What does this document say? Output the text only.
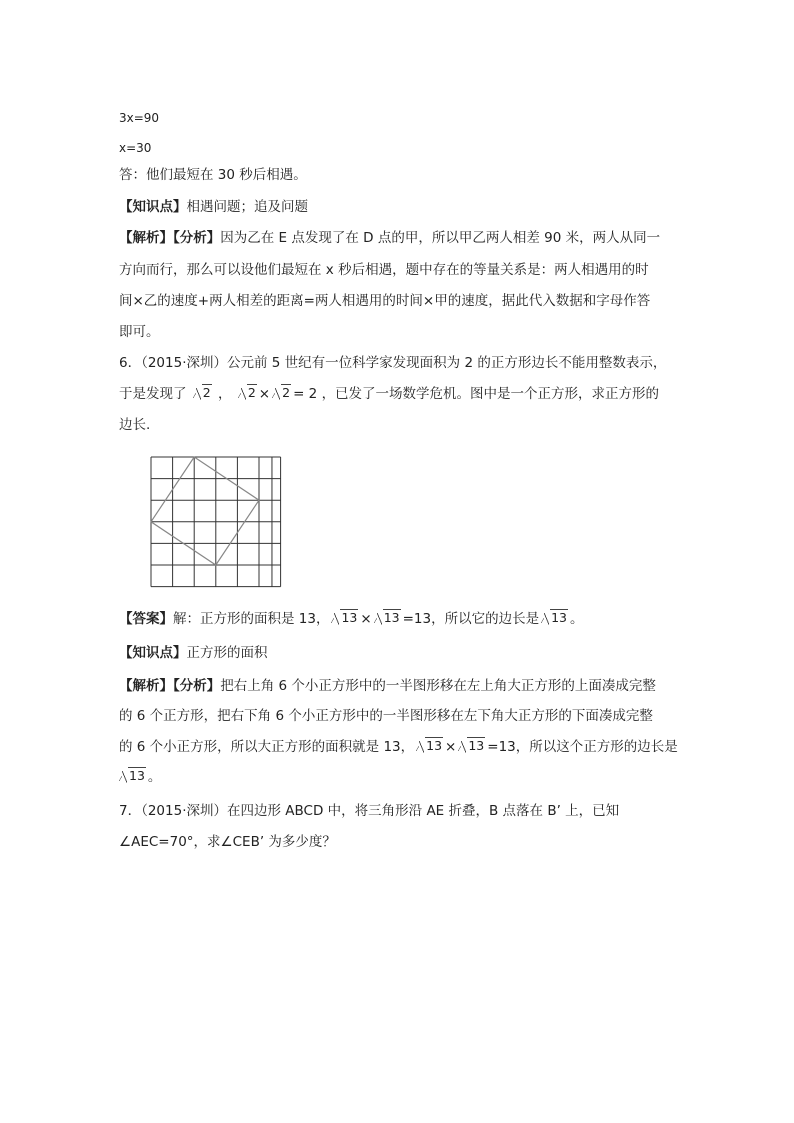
3x=90
x=30
答：他们最短在 30 秒后相遇。
【知识点】相遇问题；追及问题
【解析】【分析】因为乙在 E 点发现了在 D 点的甲，所以甲乙两人相差 90 米，两人从同一
方向而行，那么可以设他们最短在 x 秒后相遇，题中存在的等量关系是：两人相遇用的时
间×乙的速度+两人相差的距离=两人相遇用的时间×甲的速度，据此代入数据和字母作答
即可。
6．（2015·深圳）公元前 5 世纪有一位科学家发现面积为 2 的正方形边长不能用整数表示，
于是发现了 2 ， 2 × 2 = 2 ，已发了一场数学危机。图中是一个正方形，求正方形的
边长.
【答案】解：正方形的面积是 13， 13 × 13 =13，所以它的边长是 13 。
【知识点】正方形的面积
【解析】【分析】把右上角 6 个小正方形中的一半图形移在左上角大正方形的上面凑成完整
的 6 个正方形，把右下角 6 个小正方形中的一半图形移在左下角大正方形的下面凑成完整
的 6 个小正方形，所以大正方形的面积就是 13， 13 × 13 =13，所以这个正方形的边长是
13 。
7．（2015·深圳）在四边形 ABCD 中，将三角形沿 AE 折叠，B 点落在 B’ 上，已知
∠AEC=70°，求∠CEB’ 为多少度？
